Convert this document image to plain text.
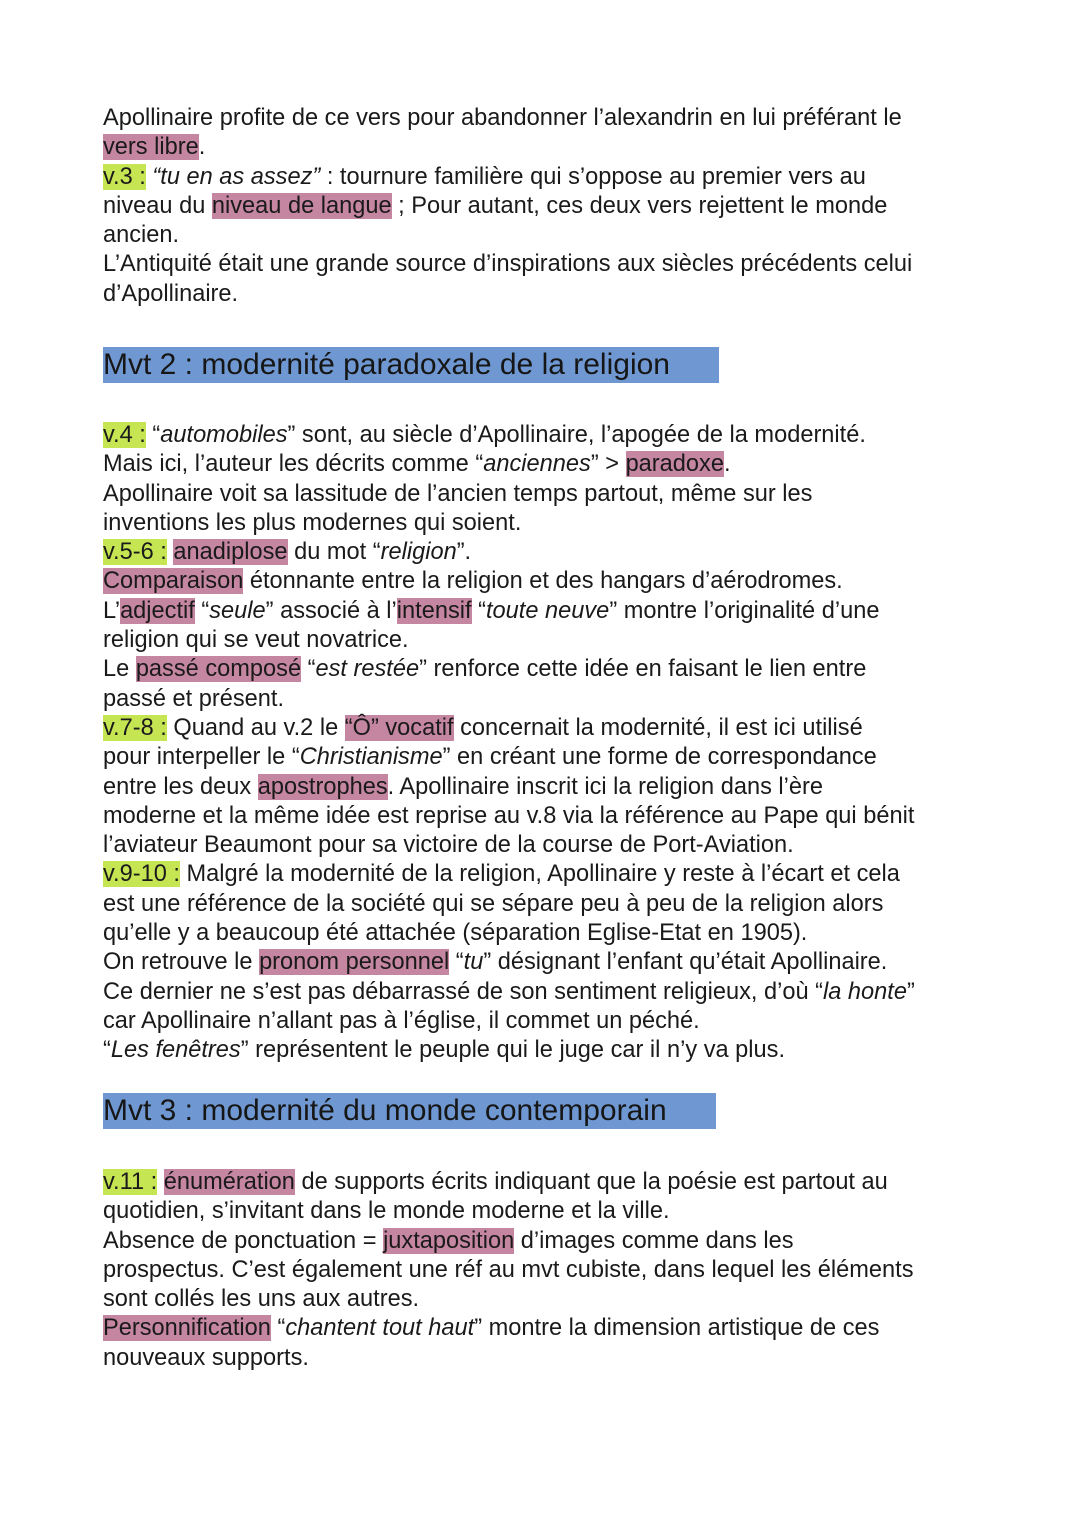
Apollinaire profite de ce vers pour abandonner l’alexandrin en lui préférant le
vers libre.
v.3 : “tu en as assez” : tournure familière qui s’oppose au premier vers au
niveau du niveau de langue ; Pour autant, ces deux vers rejettent le monde
ancien.
L’Antiquité était une grande source d’inspirations aux siècles précédents celui
d’Apollinaire.
Mvt 2 : modernité paradoxale de la religion
v.4 : “automobiles” sont, au siècle d’Apollinaire, l’apogée de la modernité.
Mais ici, l’auteur les décrits comme “anciennes” > paradoxe.
Apollinaire voit sa lassitude de l’ancien temps partout, même sur les
inventions les plus modernes qui soient.
v.5-6 : anadiplose du mot “religion”.
Comparaison étonnante entre la religion et des hangars d’aérodromes.
L’adjectif “seule” associé à l’intensif “toute neuve” montre l’originalité d’une
religion qui se veut novatrice.
Le passé composé “est restée” renforce cette idée en faisant le lien entre
passé et présent.
v.7-8 : Quand au v.2 le “Ô” vocatif concernait la modernité, il est ici utilisé
pour interpeller le “Christianisme” en créant une forme de correspondance
entre les deux apostrophes. Apollinaire inscrit ici la religion dans l’ère
moderne et la même idée est reprise au v.8 via la référence au Pape qui bénit
l’aviateur Beaumont pour sa victoire de la course de Port-Aviation.
v.9-10 : Malgré la modernité de la religion, Apollinaire y reste à l’écart et cela
est une référence de la société qui se sépare peu à peu de la religion alors
qu’elle y a beaucoup été attachée (séparation Eglise-Etat en 1905).
On retrouve le pronom personnel “tu” désignant l’enfant qu’était Apollinaire.
Ce dernier ne s’est pas débarrassé de son sentiment religieux, d’où “la honte”
car Apollinaire n’allant pas à l’église, il commet un péché.
“Les fenêtres” représentent le peuple qui le juge car il n’y va plus.
Mvt 3 : modernité du monde contemporain
v.11 : énumération de supports écrits indiquant que la poésie est partout au
quotidien, s’invitant dans le monde moderne et la ville.
Absence de ponctuation = juxtaposition d’images comme dans les
prospectus. C’est également une réf au mvt cubiste, dans lequel les éléments
sont collés les uns aux autres.
Personnification “chantent tout haut” montre la dimension artistique de ces
nouveaux supports.
